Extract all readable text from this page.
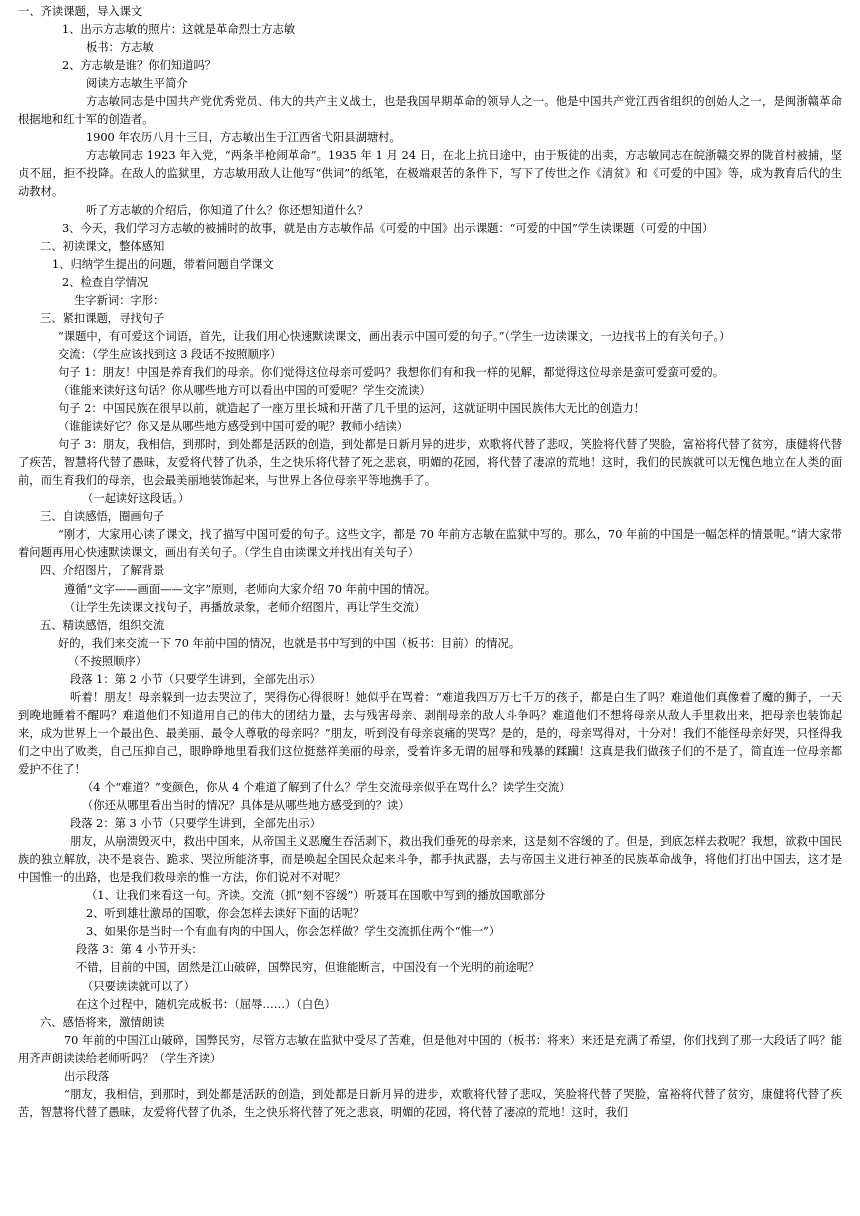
一、齐读课题，导入课文

1、出示方志敏的照片：这就是革命烈士方志敏

板书：方志敏

2、方志敏是谁？你们知道吗？

阅读方志敏生平简介

方志敏同志是中国共产党优秀党员、伟大的共产主义战士，也是我国早期革命的领导人之一。他是中国共产党江西省组织的创始人之一，是闽浙赣革命根据地和红十军的创造者。

1900 年农历八月十三日，方志敏出生于江西省弋阳县湖塘村。

方志敏同志 1923 年入党，“两条半枪闹革命”。1935 年 1 月 24 日，在北上抗日途中，由于叛徒的出卖，方志敏同志在皖浙赣交界的陇首村被捕，坚贞不屈，拒不投降。在敌人的监狱里，方志敏用敌人让他写“供词”的纸笔，在极端艰苦的条件下，写下了传世之作《清贫》和《可爱的中国》等，成为教育后代的生动教材。

听了方志敏的介绍后，你知道了什么？你还想知道什么？

3、今天，我们学习方志敏的被捕时的故事，就是由方志敏作品《可爱的中国》出示课题：“可爱的中国”学生读课题（可爱的中国）

二、初读课文，整体感知

1、归纳学生提出的问题，带着问题自学课文

2、检查自学情况

生字新词：字形：

三、紧扣课题，寻找句子

“课题中，有可爱这个词语，首先，让我们用心快速默读课文，画出表示中国可爱的句子。”（学生一边读课文，一边找书上的有关句子。）

交流：（学生应该找到这 3 段话不按照顺序）

句子 1：朋友！中国是养育我们的母亲。你们觉得这位母亲可爱吗？我想你们有和我一样的见解，都觉得这位母亲是蛮可爱蛮可爱的。

（谁能来读好这句话？你从哪些地方可以看出中国的可爱呢？学生交流读）

句子 2：中国民族在很早以前，就造起了一座万里长城和开凿了几千里的运河，这就证明中国民族伟大无比的创造力！

（谁能读好它？你又是从哪些地方感受到中国可爱的呢？教师小结读）

句子 3：朋友，我相信，到那时，到处都是活跃的创造，到处都是日新月异的进步，欢歌将代替了悲叹，笑脸将代替了哭脸，富裕将代替了贫穷，康健将代替了疾苦，智慧将代替了愚昧，友爱将代替了仇杀，生之快乐将代替了死之悲哀，明媚的花园，将代替了凄凉的荒地！这时，我们的民族就可以无愧色地立在人类的面前，而生育我们的母亲，也会最美丽地装饰起来，与世界上各位母亲平等地携手了。

（一起读好这段话。）

三、自读感悟，圈画句子

“刚才，大家用心读了课文，找了描写中国可爱的句子。这些文字，都是 70 年前方志敏在监狱中写的。那么，70 年前的中国是一幅怎样的情景呢。”请大家带着问题再用心快速默读课文，画出有关句子。（学生自由读课文并找出有关句子）

四、介绍图片，了解背景

遵循“文字——画面——文字”原则，老师向大家介绍 70 年前中国的情况。

（让学生先读课文找句子，再播放录象，老师介绍图片，再让学生交流）

五、精读感悟，组织交流

好的，我们来交流一下 70 年前中国的情况，也就是书中写到的中国（板书：目前）的情况。

（不按照顺序）

段落 1：第 2 小节（只要学生讲到，全部先出示）

听着！朋友！母亲躲到一边去哭泣了，哭得伤心得很呀！她似乎在骂着：“难道我四万万七千万的孩子，都是白生了吗？难道他们真像着了魔的狮子，一天到晚地睡着不醒吗？难道他们不知道用自己的伟大的团结力量，去与残害母亲、剥削母亲的敌人斗争吗？难道他们不想将母亲从敌人手里救出来，把母亲也装饰起来，成为世界上一个最出色、最美丽、最令人尊敬的母亲吗？”朋友，听到没有母亲哀痛的哭骂？是的，是的，母亲骂得对，十分对！我们不能怪母亲好哭，只怪得我们之中出了败类，自己压抑自己，眼睁睁地里看我们这位挺慈祥美丽的母亲，受着许多无谓的屈辱和残暴的蹂躏！这真是我们做孩子们的不是了，简直连一位母亲都爱护不住了！

（4 个“难道？”变颜色，你从 4 个难道了解到了什么？学生交流母亲似乎在骂什么？读学生交流）

（你还从哪里看出当时的情况？具体是从哪些地方感受到的？读）

段落 2：第 3 小节（只要学生讲到，全部先出示）

朋友，从崩溃毁灭中，救出中国来，从帝国主义恶魔生吞活剥下，救出我们垂死的母亲来，这是刻不容缓的了。但是，到底怎样去救呢？我想，欲救中国民族的独立解放，决不是哀告、跪求、哭泣所能济事，而是唤起全国民众起来斗争，都手执武器，去与帝国主义进行神圣的民族革命战争，将他们打出中国去，这才是中国惟一的出路，也是我们救母亲的惟一方法，你们说对不对呢？

（1、让我们来看这一句。齐读。交流（抓“刻不容缓”）听聂耳在国歌中写到的播放国歌部分

2、听到雄壮激昂的国歌，你会怎样去读好下面的话呢？

3、如果你是当时一个有血有肉的中国人，你会怎样做？学生交流抓住两个“惟一”）

段落 3：第 4 小节开头：

不错，目前的中国，固然是江山破碎，国弊民穷，但谁能断言，中国没有一个光明的前途呢？

（只要读读就可以了）

在这个过程中，随机完成板书：（屈辱……）（白色）

六、感悟将来，激情朗读

70 年前的中国江山破碎，国弊民穷，尽管方志敏在监狱中受尽了苦难，但是他对中国的（板书：将来）来还是充满了希望，你们找到了那一大段话了吗？能用齐声朗读读给老师听吗？（学生齐读）

出示段落

“朋友，我相信，到那时，到处都是活跃的创造，到处都是日新月异的进步，欢歌将代替了悲叹，笑脸将代替了哭脸，富裕将代替了贫穷，康健将代替了疾苦，智慧将代替了愚昧，友爱将代替了仇杀，生之快乐将代替了死之悲哀，明媚的花园，将代替了凄凉的荒地！这时，我们
